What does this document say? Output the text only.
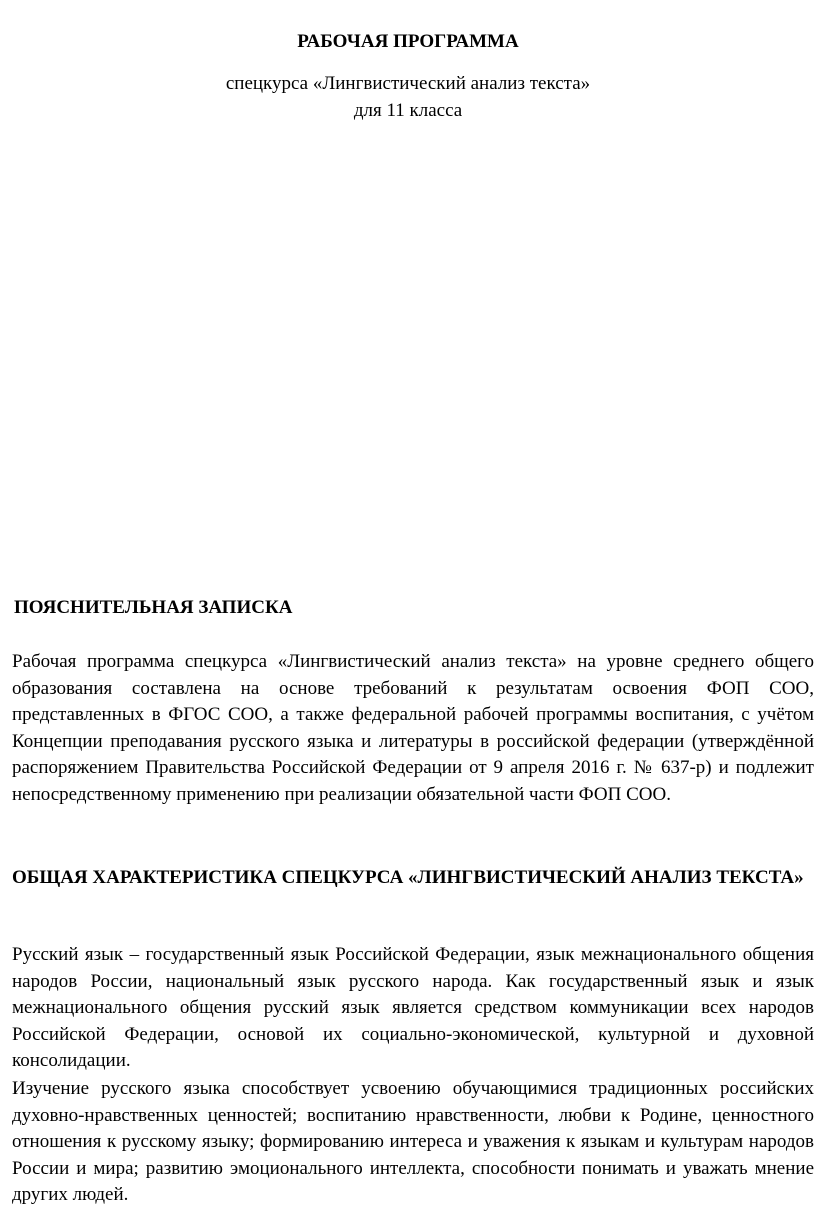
РАБОЧАЯ ПРОГРАММА
спецкурса «Лингвистический анализ текста»
для 11 класса
ПОЯСНИТЕЛЬНАЯ ЗАПИСКА
Рабочая программа спецкурса «Лингвистический анализ текста» на уровне среднего общего образования составлена на основе требований к результатам освоения ФОП СОО, представленных в ФГОС СОО, а также федеральной рабочей программы воспитания, с учётом Концепции преподавания русского языка и литературы в российской федерации (утверждённой распоряжением Правительства Российской Федерации от 9 апреля 2016 г. № 637-р) и подлежит непосредственному применению при реализации обязательной части ФОП СОО.
ОБЩАЯ ХАРАКТЕРИСТИКА СПЕЦКУРСА «ЛИНГВИСТИЧЕСКИЙ АНАЛИЗ ТЕКСТА»
Русский язык – государственный язык Российской Федерации, язык межнационального общения народов России, национальный язык русского народа. Как государственный язык и язык межнационального общения русский язык является средством коммуникации всех народов Российской Федерации, основой их социально-экономической, культурной и духовной консолидации.
Изучение русского языка способствует усвоению обучающимися традиционных российских духовно-нравственных ценностей; воспитанию нравственности, любви к Родине, ценностного отношения к русскому языку; формированию интереса и уважения к языкам и культурам народов России и мира; развитию эмоционального интеллекта, способности понимать и уважать мнение других людей.
